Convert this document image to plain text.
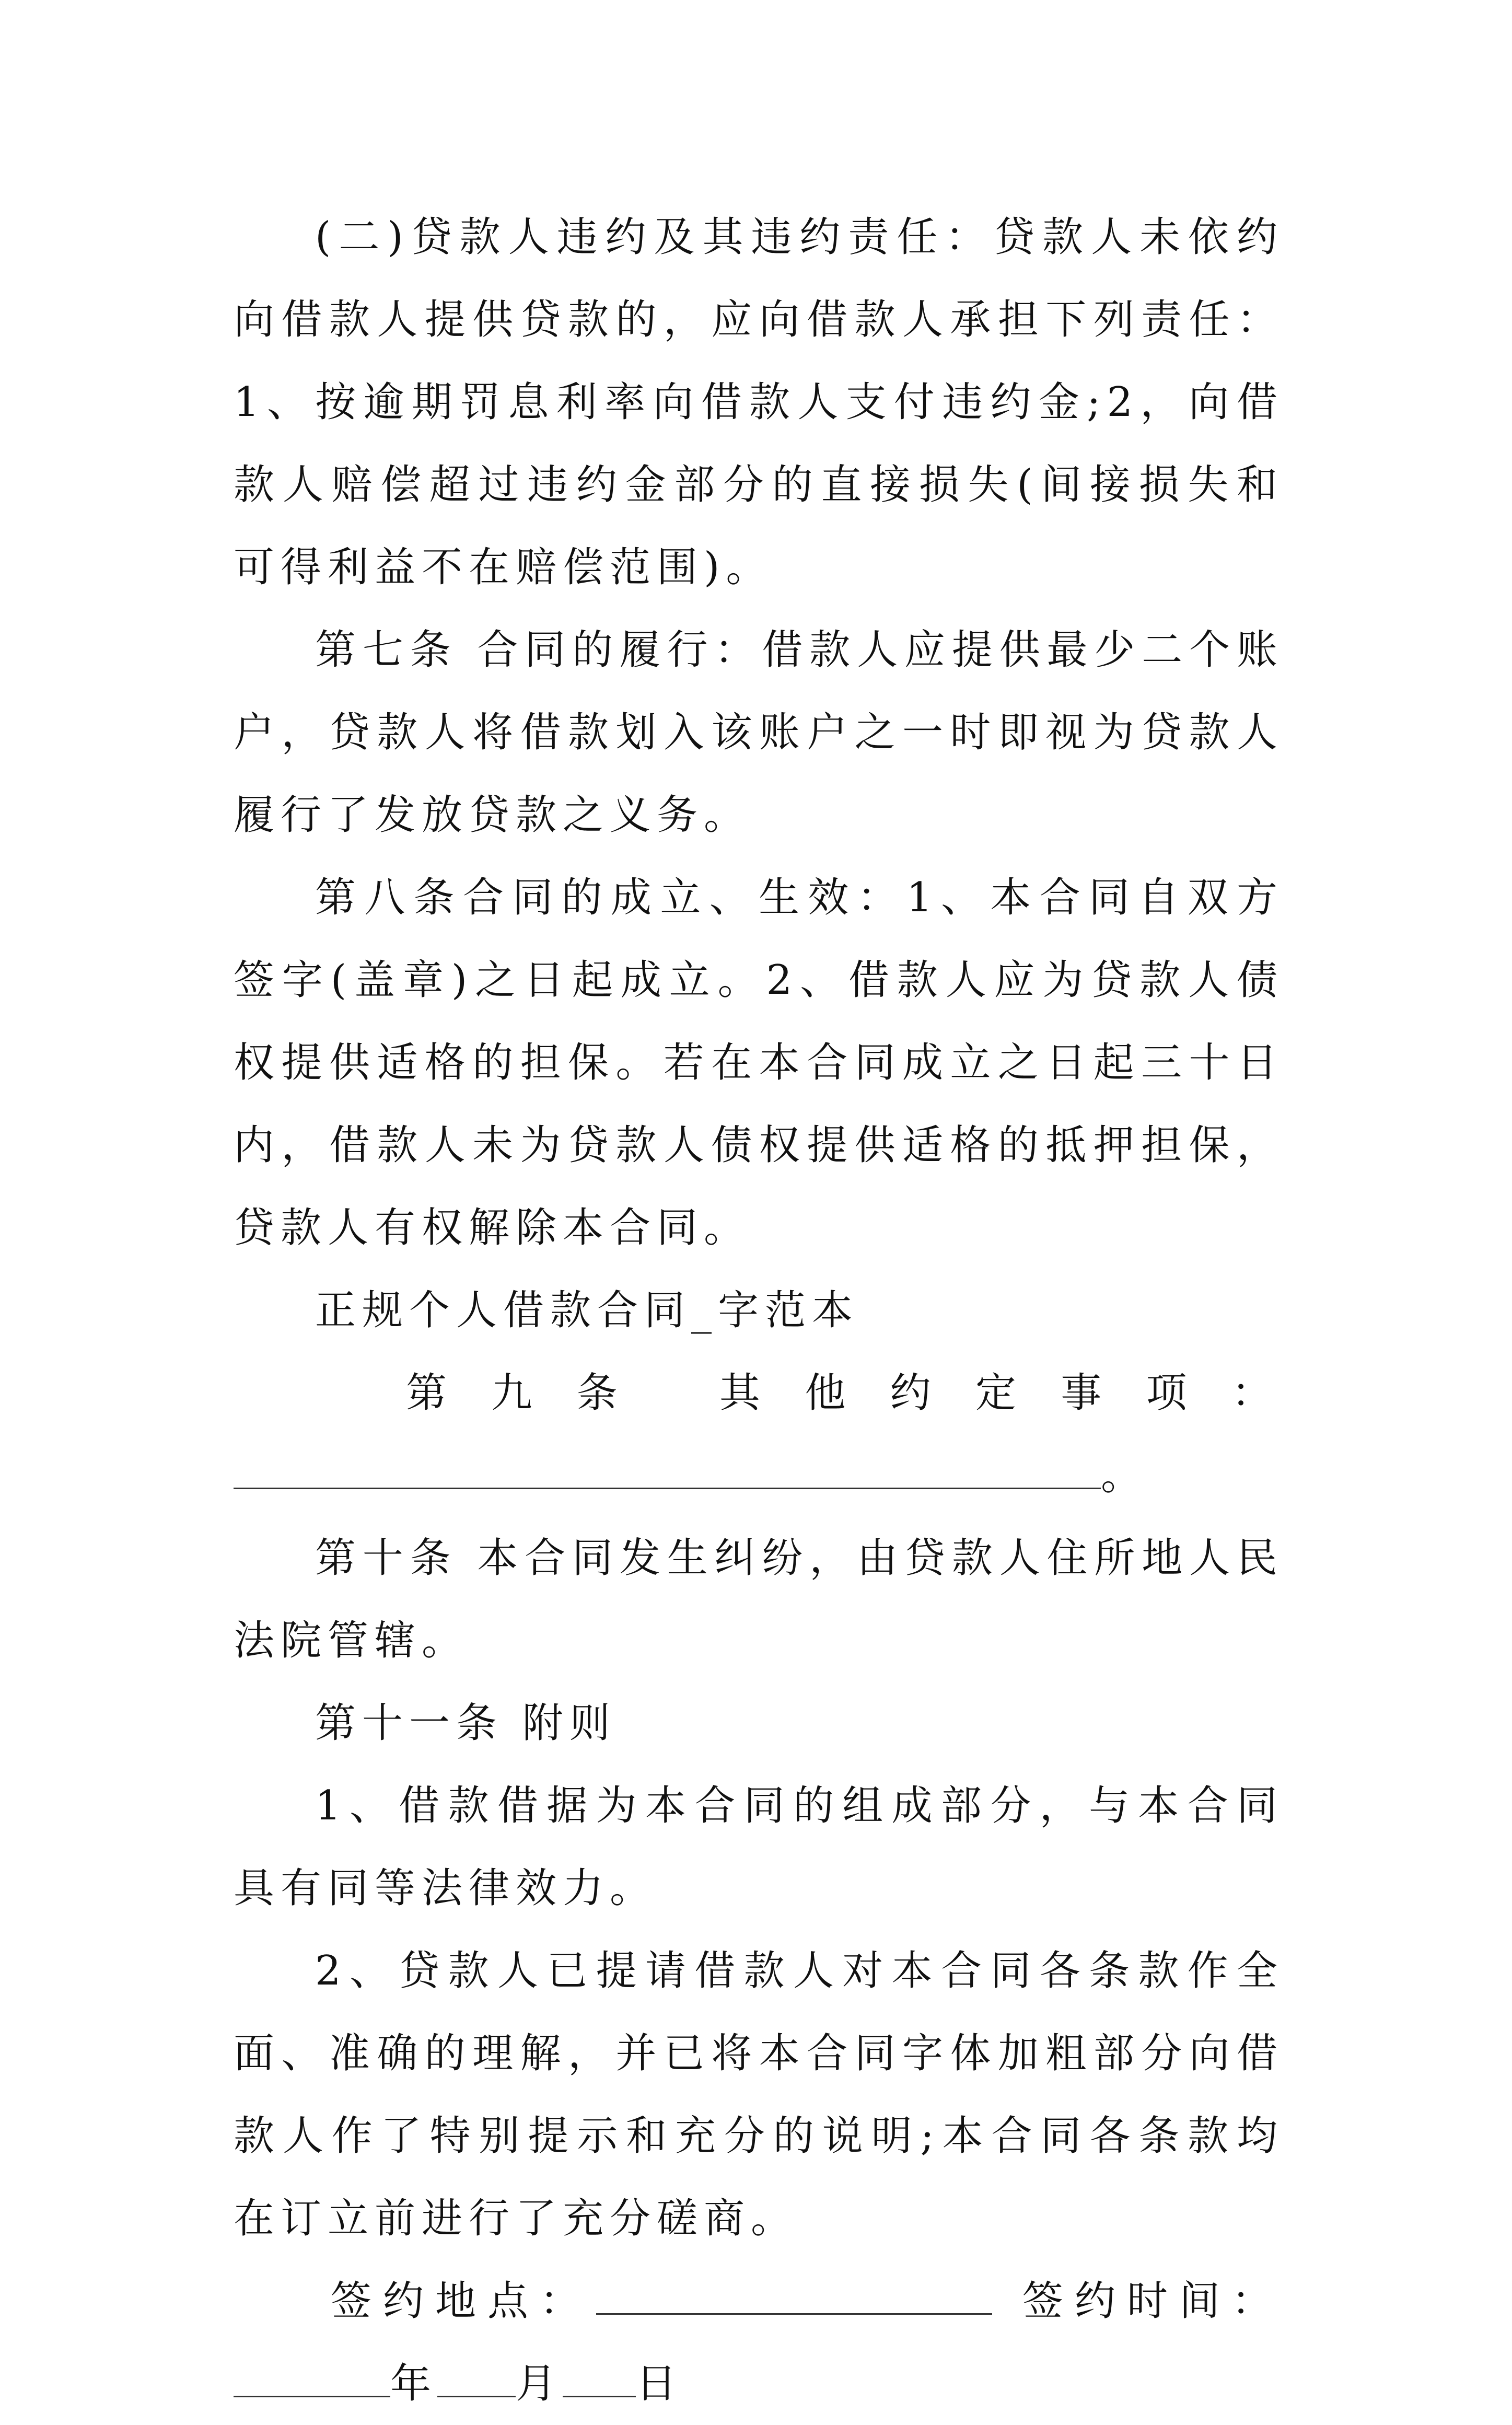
(二)贷款人违约及其违约责任：贷款人未依约向借款人提供贷款的，应向借款人承担下列责任：1、按逾期罚息利率向借款人支付违约金;2，向借款人赔偿超过违约金部分的直接损失(间接损失和可得利益不在赔偿范围)。

第七条 合同的履行：借款人应提供最少二个账户，贷款人将借款划入该账户之一时即视为贷款人履行了发放贷款之义务。

第八条合同的成立、生效：1、本合同自双方签字(盖章)之日起成立。2、借款人应为贷款人债权提供适格的担保。若在本合同成立之日起三十日内，借款人未为贷款人债权提供适格的抵押担保，贷款人有权解除本合同。

正规个人借款合同_字范本

第 九 条 其 他 约 定 事 项 ：
。

第十条 本合同发生纠纷，由贷款人住所地人民法院管辖。

第十一条 附则

1、借款借据为本合同的组成部分，与本合同具有同等法律效力。

2、贷款人已提请借款人对本合同各条款作全面、准确的理解，并已将本合同字体加粗部分向借款人作了特别提示和充分的说明;本合同各条款均在订立前进行了充分磋商。

签约地点：	签约时间：
年 月 日
